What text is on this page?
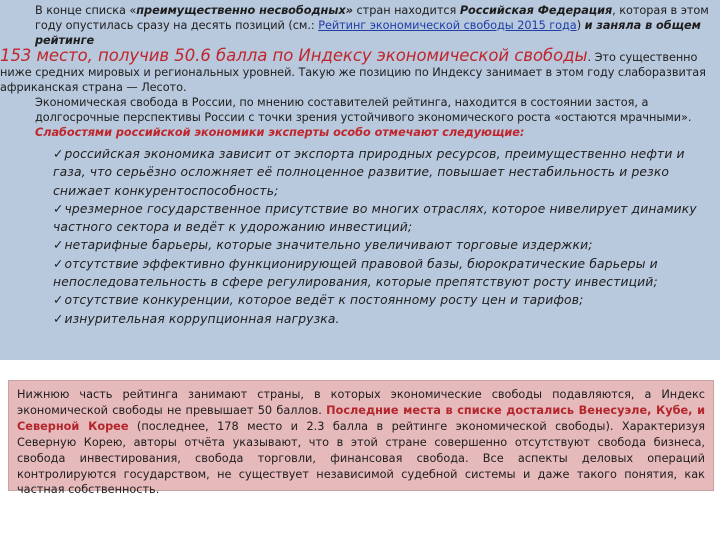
В конце списка «преимущественно несвободных» стран находится Российская Федерация, которая в этом году опустилась сразу на десять позиций (см.: Рейтинг экономической свободы 2015 года) и заняла в общем рейтинге

153 место, получив 50.6 балла по Индексу экономической свободы. Это существенно ниже средних мировых и региональных уровней. Такую же позицию по Индексу занимает в этом году слаборазвитая африканская страна — Лесото.

Экономическая свобода в России, по мнению составителей рейтинга, находится в состоянии застоя, а долгосрочные перспективы России с точки зрения устойчивого экономического роста «остаются мрачными».

Слабостями российской экономики эксперты особо отмечают следующие:

✓российская экономика зависит от экспорта природных ресурсов, преимущественно нефти и газа, что серьёзно осложняет её полноценное развитие, повышает нестабильность и резко снижает конкурентоспособность;
✓чрезмерное государственное присутствие во многих отраслях, которое нивелирует динамику частного сектора и ведёт к удорожанию инвестиций;
✓нетарифные барьеры, которые значительно увеличивают торговые издержки;
✓отсутствие эффективно функционирующей правовой базы, бюрократические барьеры и непоследовательность в сфере регулирования, которые препятствуют росту инвестиций;
✓отсутствие конкуренции, которое ведёт к постоянному росту цен и тарифов;
✓изнурительная коррупционная нагрузка.
Нижнюю часть рейтинга занимают страны, в которых экономические свободы подавляются, а Индекс экономической свободы не превышает 50 баллов. Последние места в списке достались Венесуэле, Кубе, и Северной Корее (последнее, 178 место и 2.3 балла в рейтинге экономической свободы). Характеризуя Северную Корею, авторы отчёта указывают, что в этой стране совершенно отсутствуют свобода бизнеса, свобода инвестирования, свобода торговли, финансовая свобода. Все аспекты деловых операций контролируются государством, не существует независимой судебной системы и даже такого понятия, как частная собственность.
